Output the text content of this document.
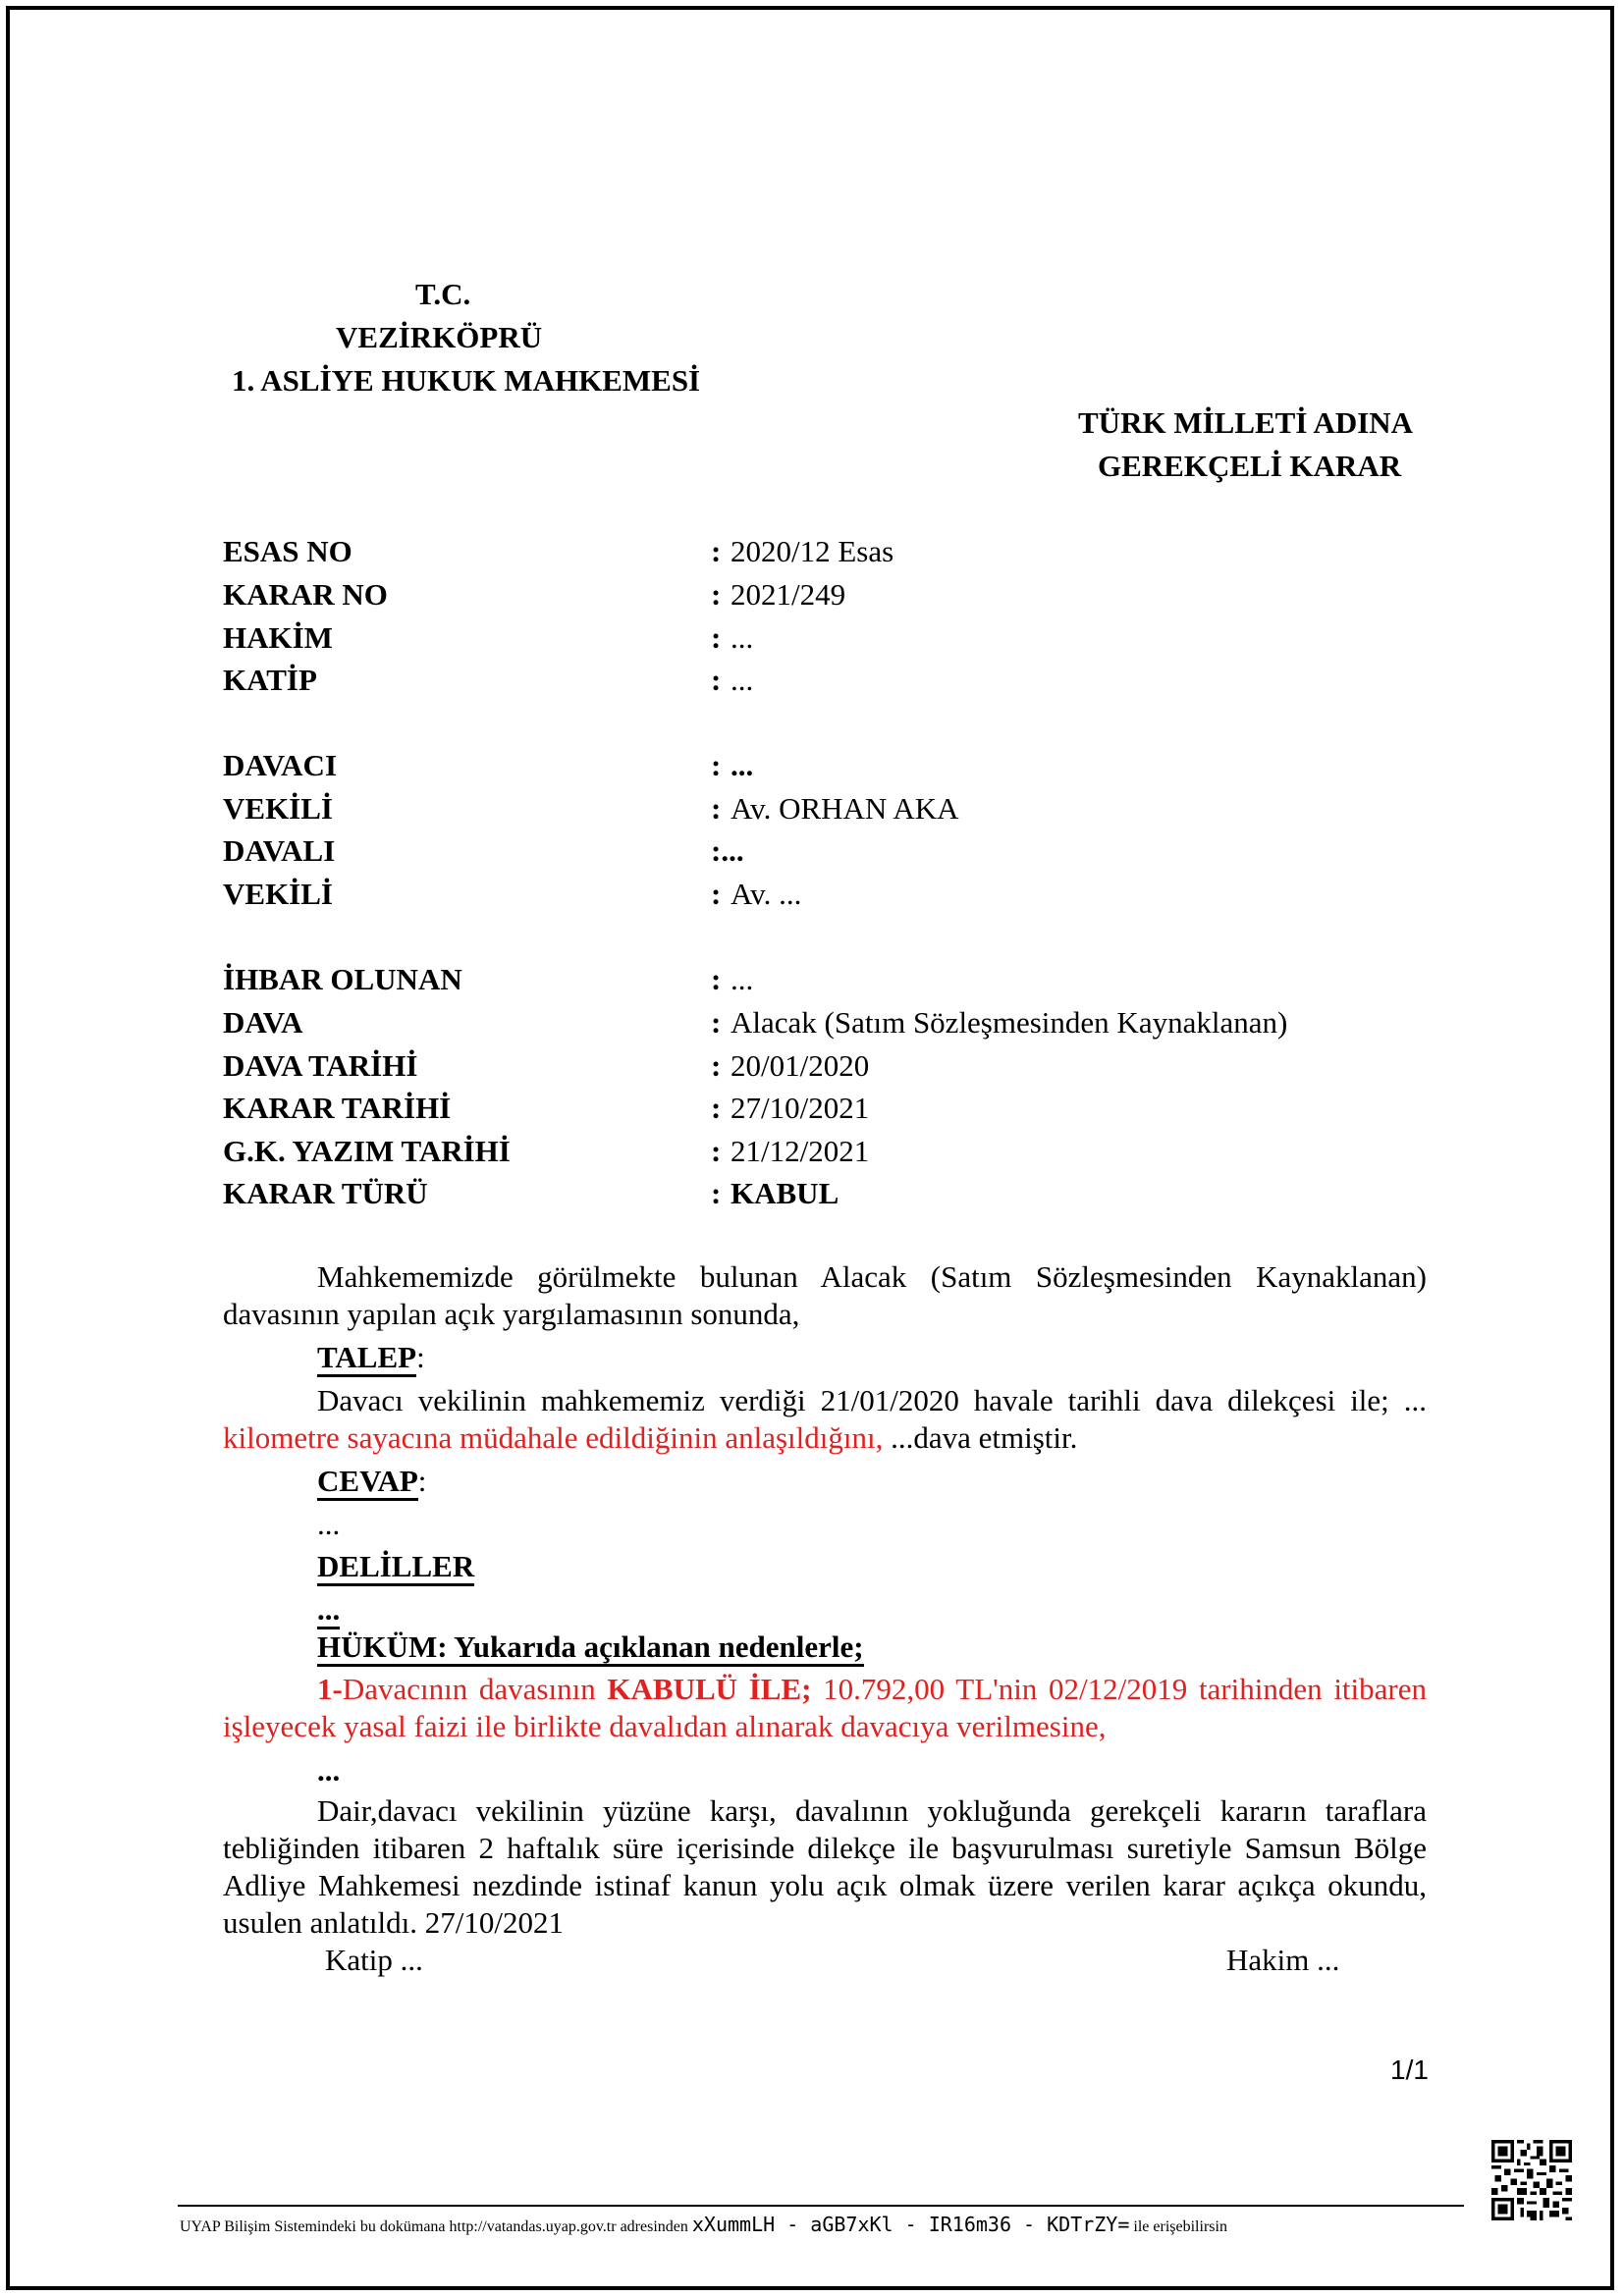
T.C.
VEZİRKÖPRÜ
1. ASLİYE HUKUK MAHKEMESİ
TÜRK MİLLETİ ADINA
GEREKÇELİ KARAR
ESAS NO	: 2020/12 Esas
KARAR NO	: 2021/249
HAKİM	: ...
KATİP	: ...
DAVACI	: ...
VEKİLİ	: Av. ORHAN AKA
DAVALI	:...
VEKİLİ	: Av. ...
İHBAR OLUNAN	: ...
DAVA	: Alacak (Satım Sözleşmesinden Kaynaklanan)
DAVA TARİHİ	: 20/01/2020
KARAR TARİHİ	: 27/10/2021
G.K. YAZIM TARİHİ	: 21/12/2021
KARAR TÜRÜ	: KABUL

Mahkememizde görülmekte bulunan Alacak (Satım Sözleşmesinden Kaynaklanan) davasının yapılan açık yargılamasının sonunda,

TALEP:

Davacı vekilinin mahkememiz verdiği 21/01/2020 havale tarihli dava dilekçesi ile; ... kilometre sayacına müdahale edildiğinin anlaşıldığını, ...dava etmiştir.

CEVAP:
...
DELİLLER
...
HÜKÜM: Yukarıda açıklanan nedenlerle;

1-Davacının davasının KABULÜ İLE; 10.792,00 TL'nin 02/12/2019 tarihinden itibaren işleyecek yasal faizi ile birlikte davalıdan alınarak davacıya verilmesine,

...

Dair,davacı vekilinin yüzüne karşı, davalının yokluğunda gerekçeli kararın taraflara tebliğinden itibaren 2 haftalık süre içerisinde dilekçe ile başvurulması suretiyle Samsun Bölge Adliye Mahkemesi nezdinde istinaf kanun yolu açık olmak üzere verilen karar açıkça okundu, usulen anlatıldı. 27/10/2021

Katip ...	Hakim ...
1/1
UYAP Bilişim Sistemindeki bu dokümana http://vatandas.uyap.gov.tr adresinden xXummLH - aGB7xKl - IR16m36 - KDTrZY= ile erişebilirsin
